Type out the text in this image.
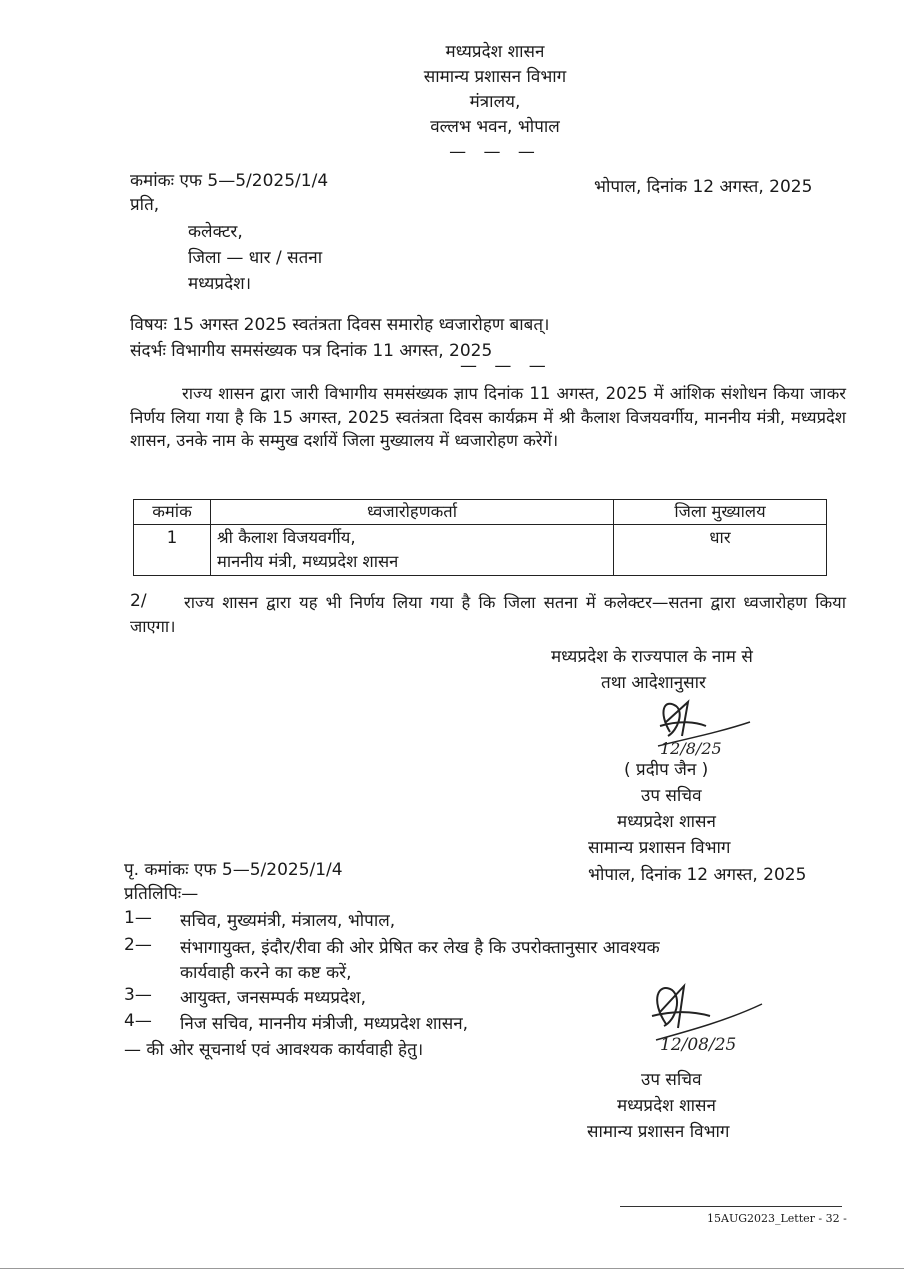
मध्यप्रदेश शासन
सामान्य प्रशासन विभाग
मंत्रालय,
वल्लभ भवन, भोपाल
— — —
कमांकः एफ 5—5/2025/1/4	भोपाल, दिनांक 12 अगस्त, 2025
प्रति,
कलेक्टर,
जिला — धार / सतना
मध्यप्रदेश।
विषयः 15 अगस्त 2025 स्वतंत्रता दिवस समारोह ध्वजारोहण बाबत्।
संदर्भः विभागीय समसंख्यक पत्र दिनांक 11 अगस्त, 2025
— — —
राज्य शासन द्वारा जारी विभागीय समसंख्यक ज्ञाप दिनांक 11 अगस्त, 2025 में आंशिक संशोधन किया जाकर निर्णय लिया गया है कि 15 अगस्त, 2025 स्वतंत्रता दिवस कार्यक्रम में श्री कैलाश विजयवर्गीय, माननीय मंत्री, मध्यप्रदेश शासन, उनके नाम के सम्मुख दर्शायें जिला मुख्यालय में ध्वजारोहण करेगें।
कमांक	ध्वजारोहणकर्ता	जिला मुख्यालय
1	श्री कैलाश विजयवर्गीय,
माननीय मंत्री, मध्यप्रदेश शासन	धार
2/	राज्य शासन द्वारा यह भी निर्णय लिया गया है कि जिला सतना में कलेक्टर—सतना द्वारा ध्वजारोहण किया जाएगा।
मध्यप्रदेश के राज्यपाल के नाम से
तथा आदेशानुसार
12/8/25
( प्रदीप जैन )
उप सचिव
मध्यप्रदेश शासन
सामान्य प्रशासन विभाग
पृ. कमांकः एफ 5—5/2025/1/4	भोपाल, दिनांक 12 अगस्त, 2025
प्रतिलिपिः—
1— सचिव, मुख्यमंत्री, मंत्रालय, भोपाल,
2— संभागायुक्त, इंदौर/रीवा की ओर प्रेषित कर लेख है कि उपरोक्तानुसार आवश्यक
कार्यवाही करने का कष्ट करें,
3— आयुक्त, जनसम्पर्क मध्यप्रदेश,
4— निज सचिव, माननीय मंत्रीजी, मध्यप्रदेश शासन,
— की ओर सूचनार्थ एवं आवश्यक कार्यवाही हेतु।	12/08/25
उप सचिव
मध्यप्रदेश शासन
सामान्य प्रशासन विभाग
15AUG2023_Letter - 32 -
